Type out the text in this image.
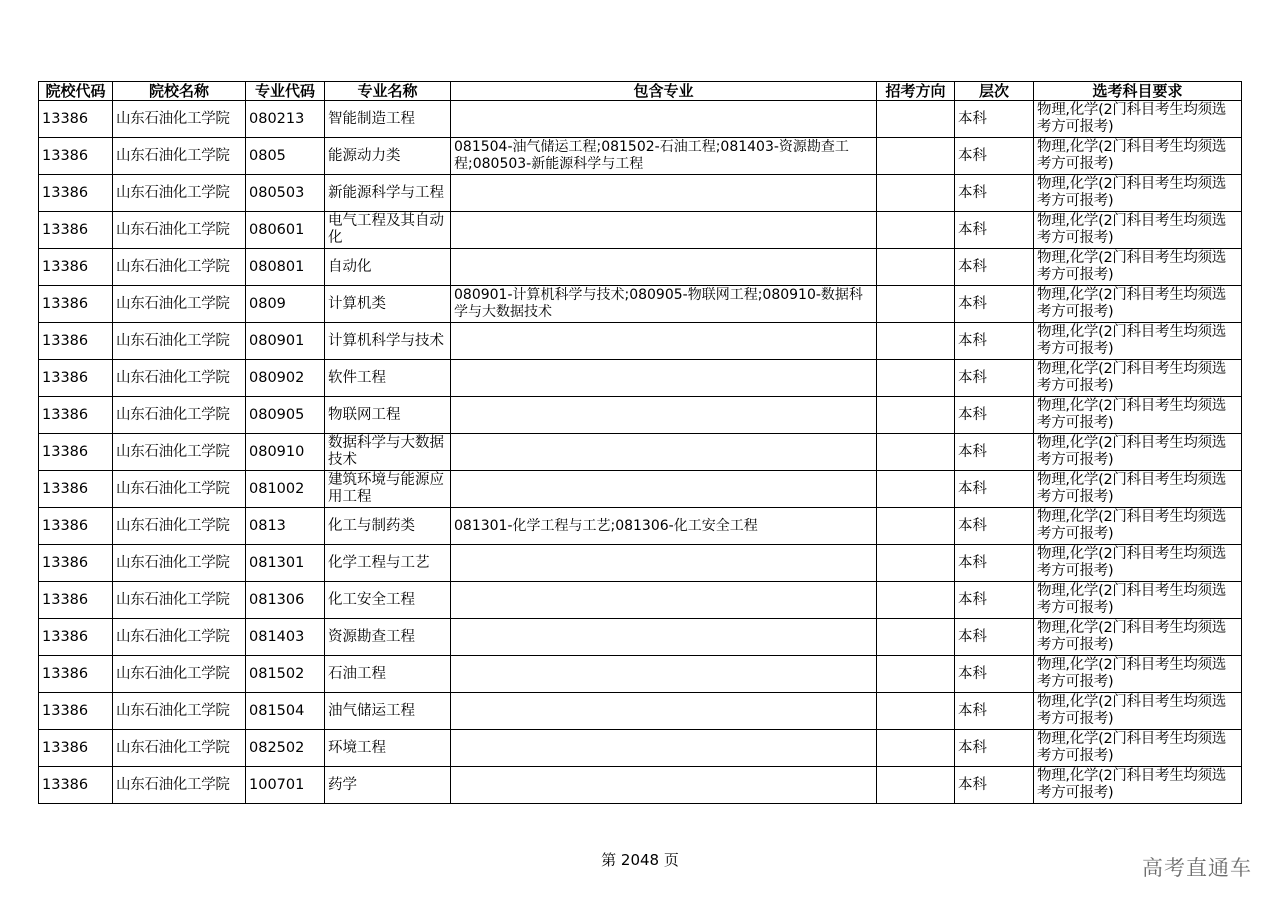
院校代码	院校名称	专业代码	专业名称	包含专业	招考方向	层次	选考科目要求
13386	山东石油化工学院	080213	智能制造工程			本科	物理,化学(2门科目考生均须选考方可报考)
13386	山东石油化工学院	0805	能源动力类	081504-油气储运工程;081502-石油工程;081403-资源勘查工程;080503-新能源科学与工程		本科	物理,化学(2门科目考生均须选考方可报考)
13386	山东石油化工学院	080503	新能源科学与工程			本科	物理,化学(2门科目考生均须选考方可报考)
13386	山东石油化工学院	080601	电气工程及其自动化			本科	物理,化学(2门科目考生均须选考方可报考)
13386	山东石油化工学院	080801	自动化			本科	物理,化学(2门科目考生均须选考方可报考)
13386	山东石油化工学院	0809	计算机类	080901-计算机科学与技术;080905-物联网工程;080910-数据科学与大数据技术		本科	物理,化学(2门科目考生均须选考方可报考)
13386	山东石油化工学院	080901	计算机科学与技术			本科	物理,化学(2门科目考生均须选考方可报考)
13386	山东石油化工学院	080902	软件工程			本科	物理,化学(2门科目考生均须选考方可报考)
13386	山东石油化工学院	080905	物联网工程			本科	物理,化学(2门科目考生均须选考方可报考)
13386	山东石油化工学院	080910	数据科学与大数据技术			本科	物理,化学(2门科目考生均须选考方可报考)
13386	山东石油化工学院	081002	建筑环境与能源应用工程			本科	物理,化学(2门科目考生均须选考方可报考)
13386	山东石油化工学院	0813	化工与制药类	081301-化学工程与工艺;081306-化工安全工程		本科	物理,化学(2门科目考生均须选考方可报考)
13386	山东石油化工学院	081301	化学工程与工艺			本科	物理,化学(2门科目考生均须选考方可报考)
13386	山东石油化工学院	081306	化工安全工程			本科	物理,化学(2门科目考生均须选考方可报考)
13386	山东石油化工学院	081403	资源勘查工程			本科	物理,化学(2门科目考生均须选考方可报考)
13386	山东石油化工学院	081502	石油工程			本科	物理,化学(2门科目考生均须选考方可报考)
13386	山东石油化工学院	081504	油气储运工程			本科	物理,化学(2门科目考生均须选考方可报考)
13386	山东石油化工学院	082502	环境工程			本科	物理,化学(2门科目考生均须选考方可报考)
13386	山东石油化工学院	100701	药学			本科	物理,化学(2门科目考生均须选考方可报考)
第 2048 页	高考直通车
